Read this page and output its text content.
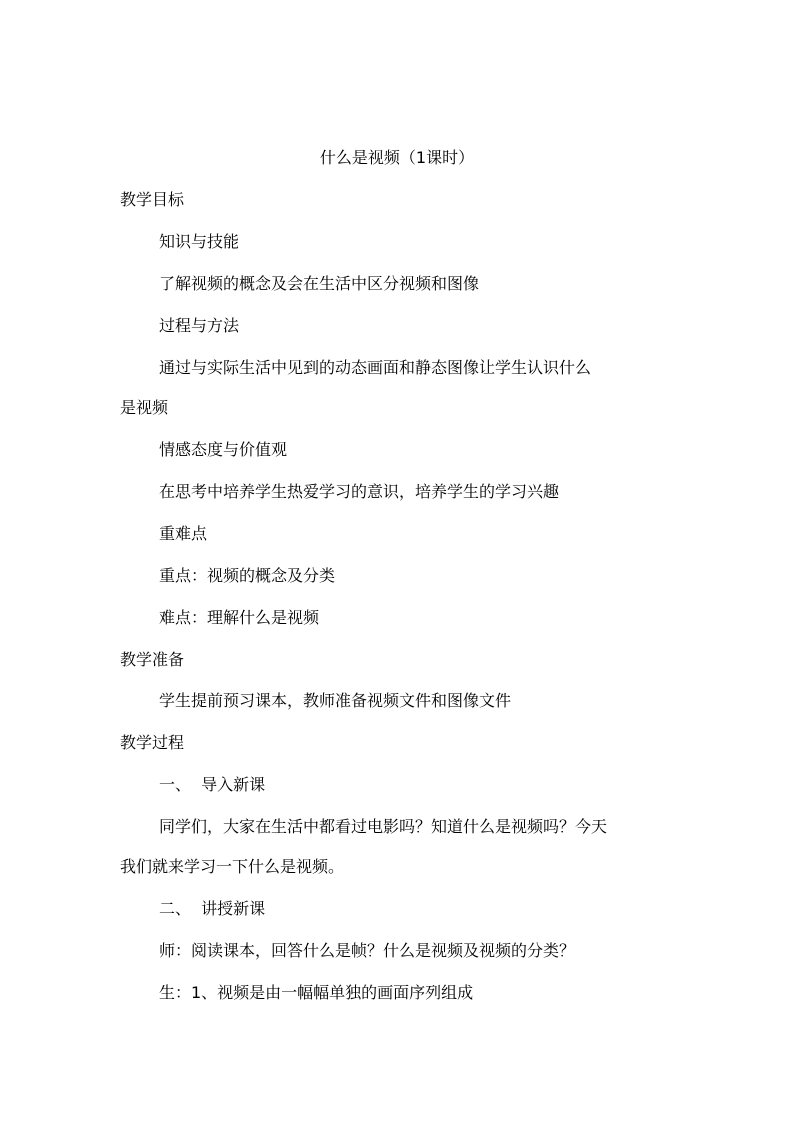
什么是视频（1课时）
教学目标
知识与技能
了解视频的概念及会在生活中区分视频和图像
过程与方法
通过与实际生活中见到的动态画面和静态图像让学生认识什么
是视频
情感态度与价值观
在思考中培养学生热爱学习的意识，培养学生的学习兴趣
重难点
重点：视频的概念及分类
难点：理解什么是视频
教学准备
学生提前预习课本，教师准备视频文件和图像文件
教学过程
一、  导入新课
同学们，大家在生活中都看过电影吗？知道什么是视频吗？今天
我们就来学习一下什么是视频。
二、  讲授新课
师：阅读课本，回答什么是帧？什么是视频及视频的分类？
生：1、视频是由一幅幅单独的画面序列组成
